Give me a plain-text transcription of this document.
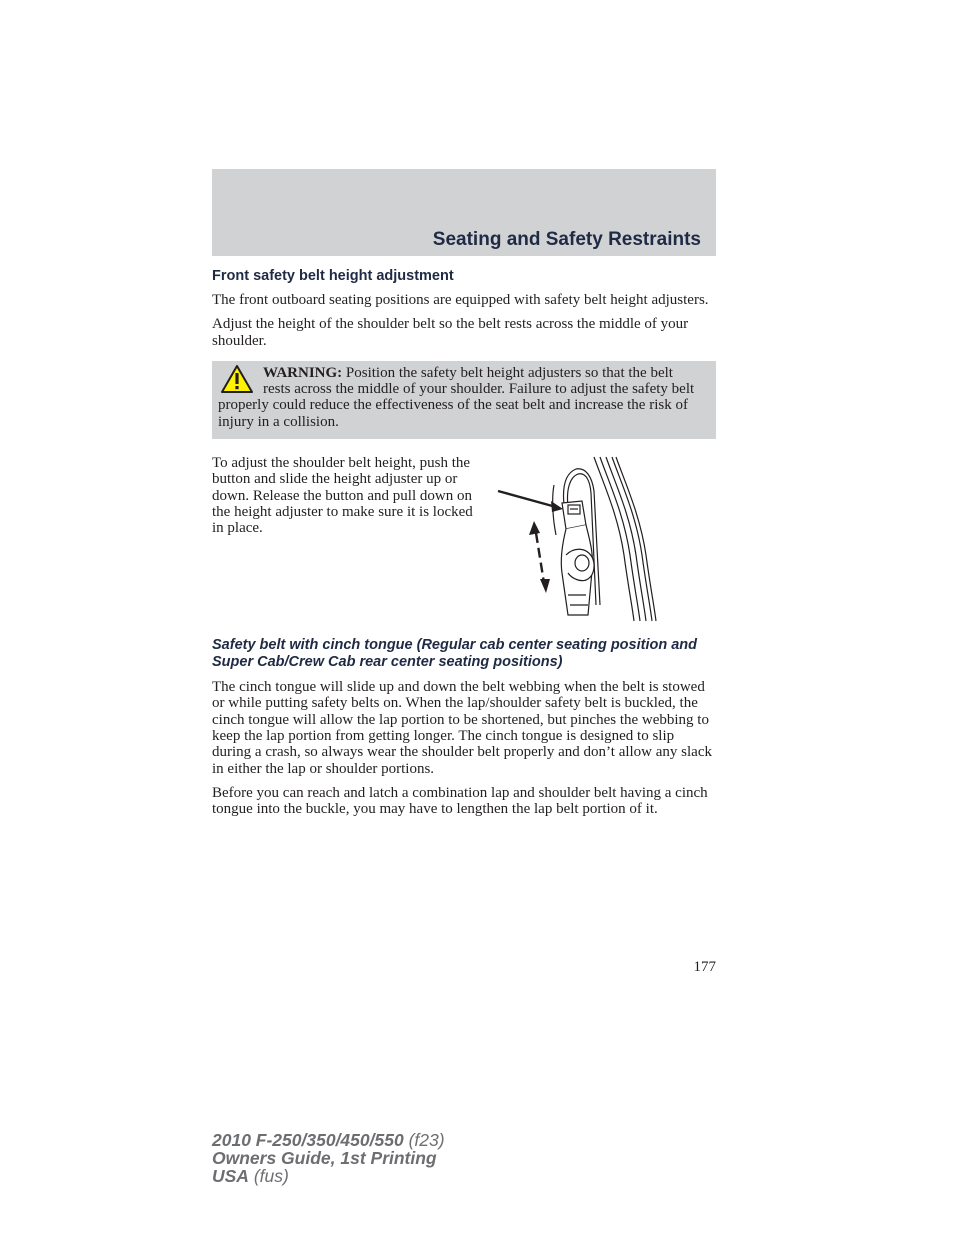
Seating and Safety Restraints
Front safety belt height adjustment

The front outboard seating positions are equipped with safety belt height adjusters.

Adjust the height of the shoulder belt so the belt rests across the middle of your shoulder.

WARNING: Position the safety belt height adjusters so that the belt rests across the middle of your shoulder. Failure to adjust the safety belt properly could reduce the effectiveness of the seat belt and increase the risk of injury in a collision.

To adjust the shoulder belt height, push the button and slide the height adjuster up or down. Release the button and pull down on the height adjuster to make sure it is locked in place.

Safety belt with cinch tongue (Regular cab center seating position and Super Cab/Crew Cab rear center seating positions)

The cinch tongue will slide up and down the belt webbing when the belt is stowed or while putting safety belts on. When the lap/shoulder safety belt is buckled, the cinch tongue will allow the lap portion to be shortened, but pinches the webbing to keep the lap portion from getting longer. The cinch tongue is designed to slip during a crash, so always wear the shoulder belt properly and don’t allow any slack in either the lap or shoulder portions.

Before you can reach and latch a combination lap and shoulder belt having a cinch tongue into the buckle, you may have to lengthen the lap belt portion of it.

177
2010 F-250/350/450/550 (f23)
Owners Guide, 1st Printing
USA (fus)
